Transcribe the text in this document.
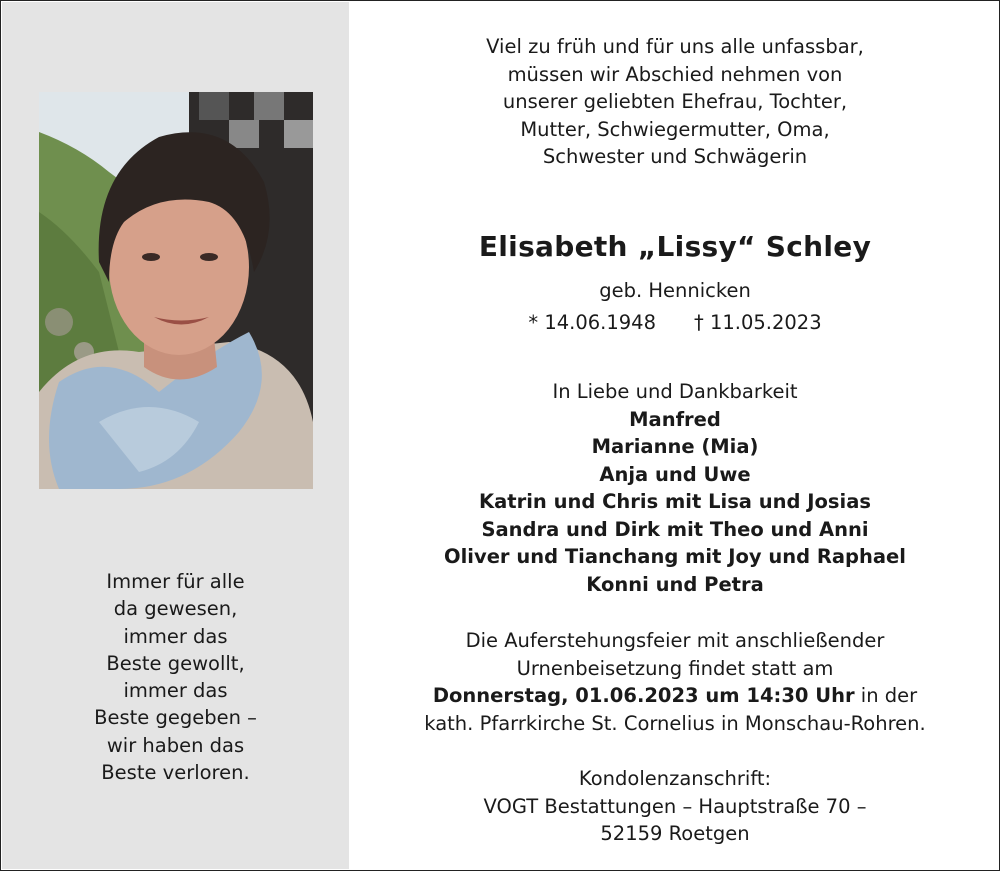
Immer für alle
da gewesen,
immer das
Beste gewollt,
immer das
Beste gegeben –
wir haben das
Beste verloren.
Viel zu früh und für uns alle unfassbar,
müssen wir Abschied nehmen von
unserer geliebten Ehefrau, Tochter,
Mutter, Schwiegermutter, Oma,
Schwester und Schwägerin
Elisabeth „Lissy“ Schley
geb. Hennicken
* 14.06.1948 † 11.05.2023
In Liebe und Dankbarkeit
Manfred
Marianne (Mia)
Anja und Uwe
Katrin und Chris mit Lisa und Josias
Sandra und Dirk mit Theo und Anni
Oliver und Tianchang mit Joy und Raphael
Konni und Petra
Die Auferstehungsfeier mit anschließender
Urnenbeisetzung findet statt am
Donnerstag, 01.06.2023 um 14:30 Uhr in der
kath. Pfarrkirche St. Cornelius in Monschau-Rohren.
Kondolenzanschrift:
VOGT Bestattungen – Hauptstraße 70 –
52159 Roetgen
